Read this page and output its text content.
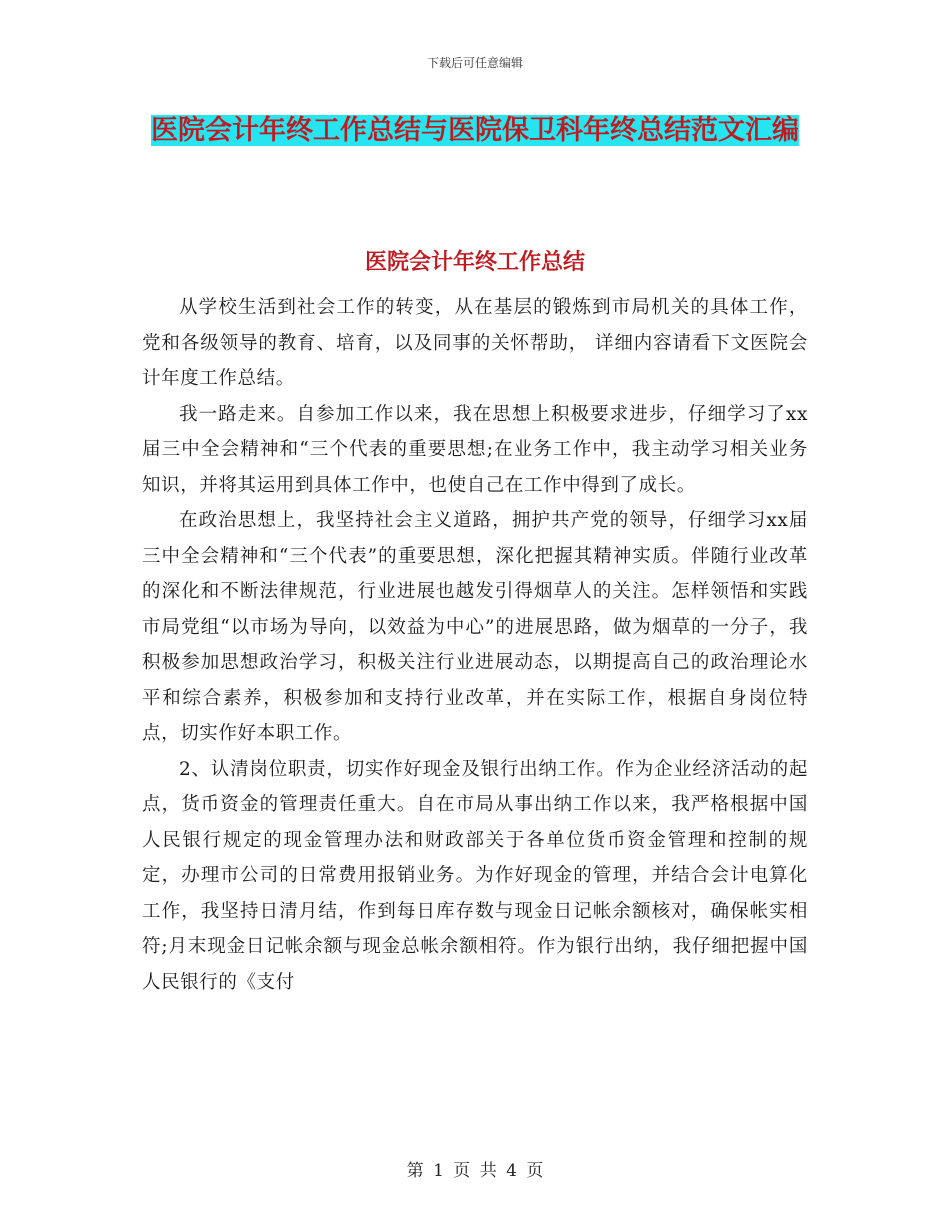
下载后可任意编辑
医院会计年终工作总结与医院保卫科年终总结范文汇编
医院会计年终工作总结

从学校生活到社会工作的转变，从在基层的锻炼到市局机关的具体工作，党和各级领导的教育、培育，以及同事的关怀帮助， 详细内容请看下文医院会计年度工作总结。

我一路走来。自参加工作以来，我在思想上积极要求进步，仔细学习了xx届三中全会精神和“三个代表的重要思想;在业务工作中，我主动学习相关业务知识，并将其运用到具体工作中，也使自己在工作中得到了成长。

在政治思想上，我坚持社会主义道路，拥护共产党的领导，仔细学习xx届三中全会精神和“三个代表”的重要思想，深化把握其精神实质。伴随行业改革的深化和不断法律规范，行业进展也越发引得烟草人的关注。怎样领悟和实践市局党组“以市场为导向，以效益为中心”的进展思路，做为烟草的一分子，我积极参加思想政治学习，积极关注行业进展动态，以期提高自己的政治理论水平和综合素养，积极参加和支持行业改革，并在实际工作，根据自身岗位特点，切实作好本职工作。

2、认清岗位职责，切实作好现金及银行出纳工作。作为企业经济活动的起点，货币资金的管理责任重大。自在市局从事出纳工作以来，我严格根据中国人民银行规定的现金管理办法和财政部关于各单位货币资金管理和控制的规定，办理市公司的日常费用报销业务。为作好现金的管理，并结合会计电算化工作，我坚持日清月结，作到每日库存数与现金日记帐余额核对，确保帐实相符;月末现金日记帐余额与现金总帐余额相符。作为银行出纳，我仔细把握中国人民银行的《支付

第 1 页 共 4 页
